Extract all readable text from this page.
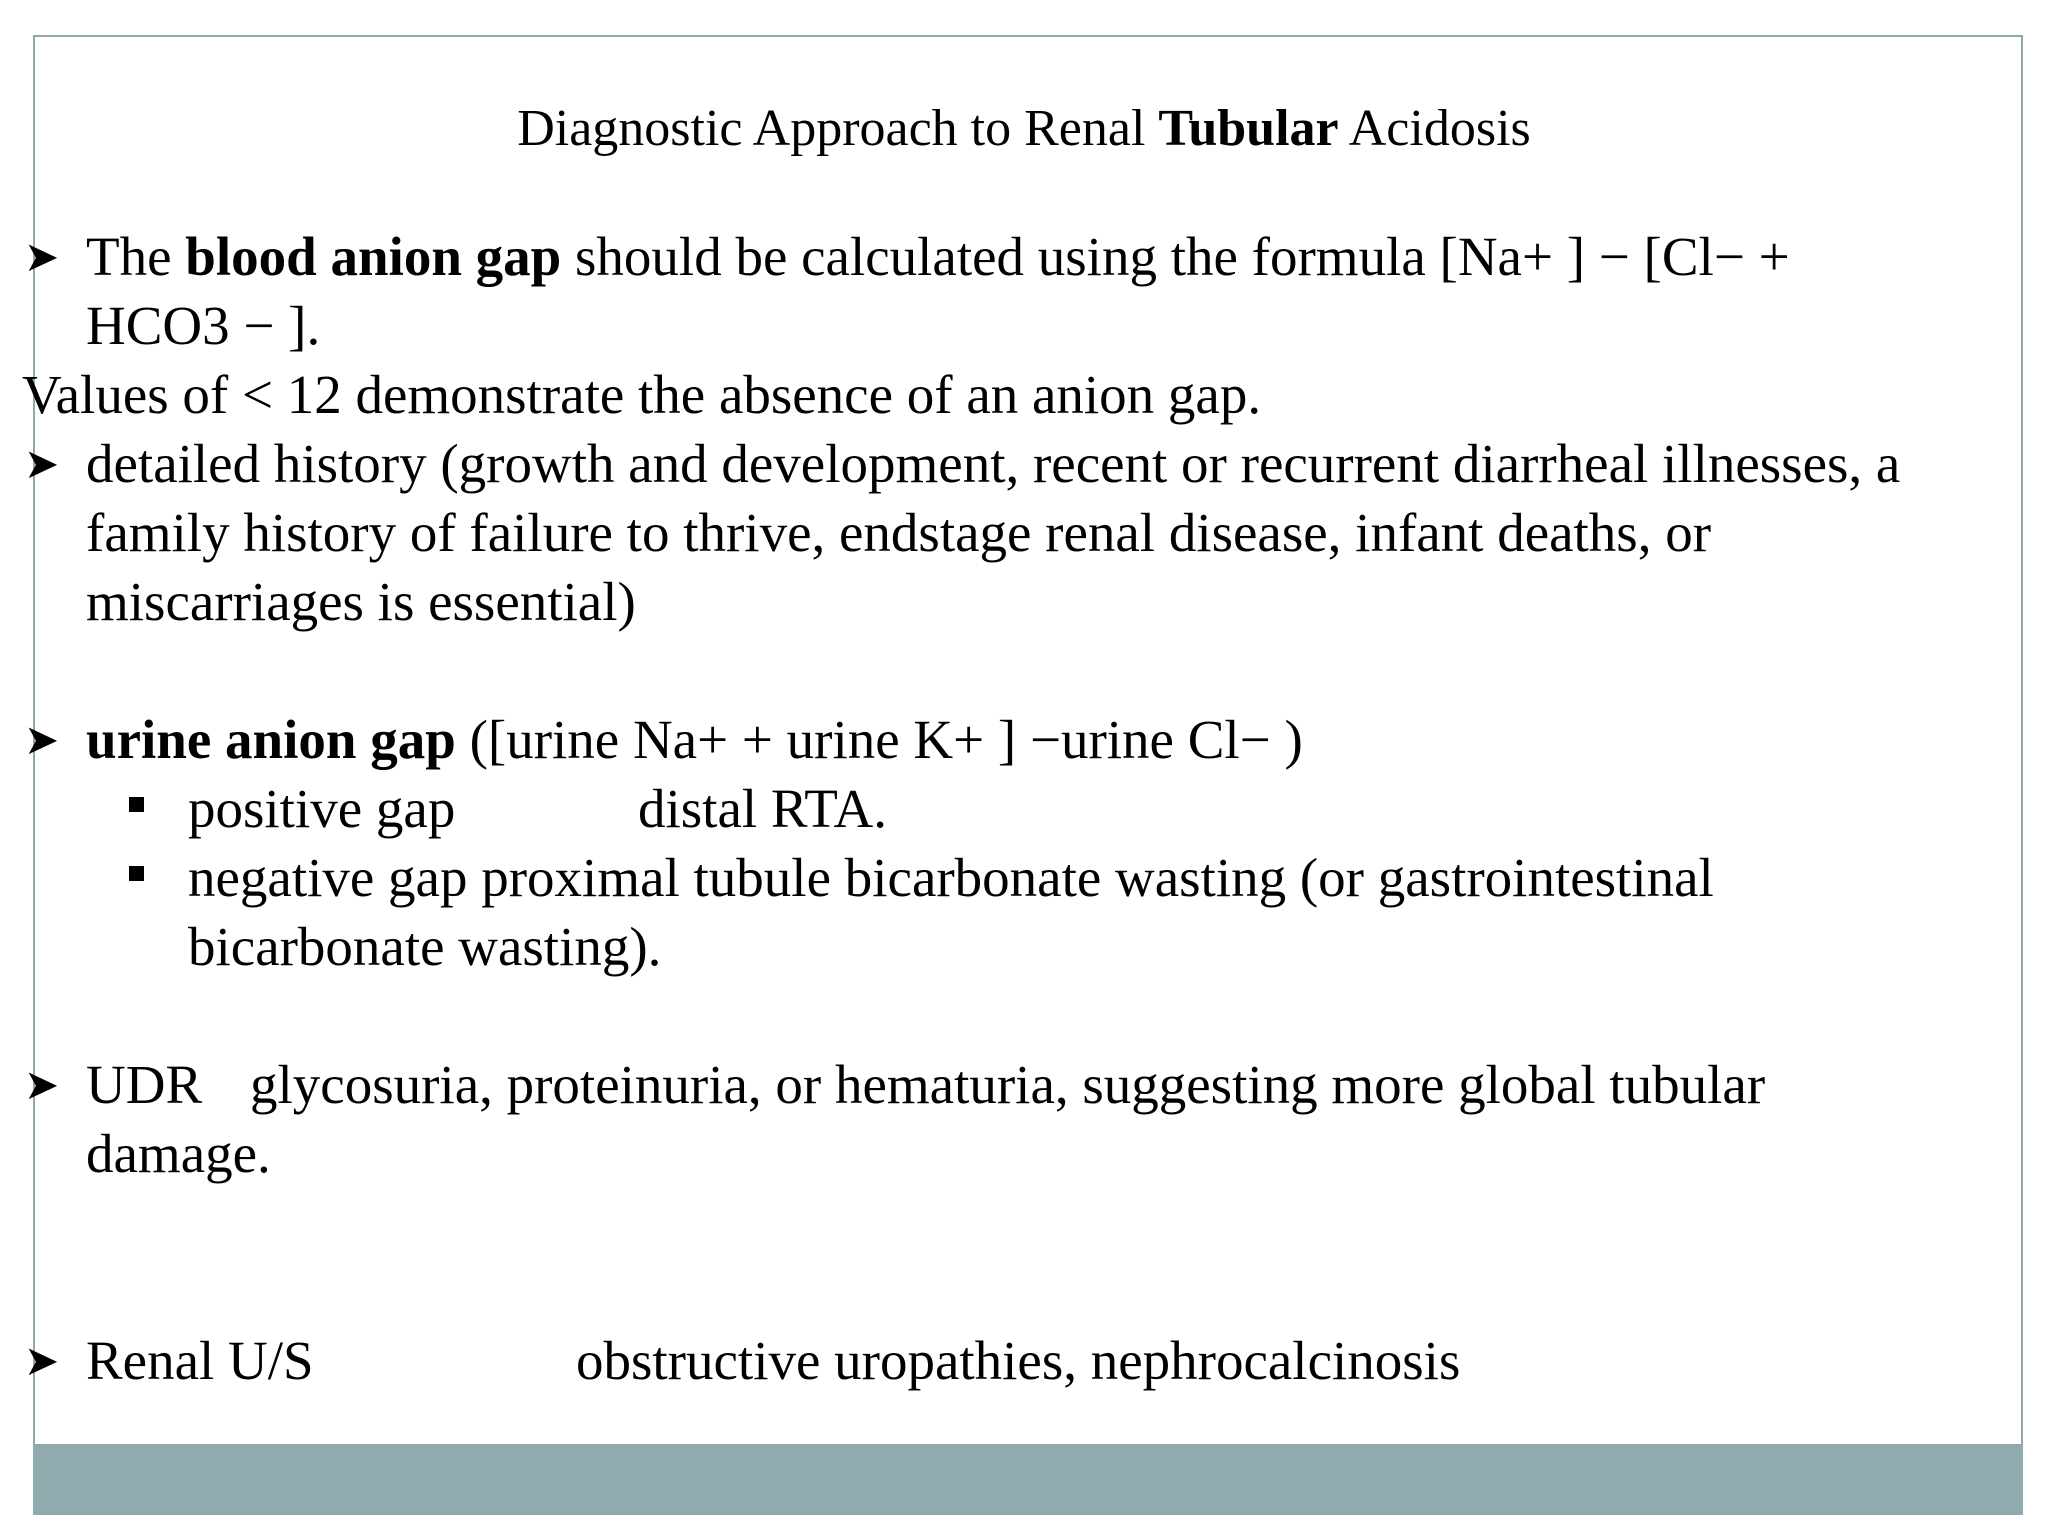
Diagnostic Approach to Renal Tubular Acidosis
➤ The blood anion gap should be calculated using the formula [Na+ ] − [Cl− +
HCO3 − ].
Values of < 12 demonstrate the absence of an anion gap.
➤ detailed history (growth and development, recent or recurrent diarrheal illnesses, a
family history of failure to thrive, endstage renal disease, infant deaths, or
miscarriages is essential)
➤ urine anion gap ([urine Na+ + urine K+ ] −urine Cl− )
positive gap	distal RTA.
negative gap proximal tubule bicarbonate wasting (or gastrointestinal
bicarbonate wasting).
➤ UDR glycosuria, proteinuria, or hematuria, suggesting more global tubular
damage.
➤ Renal U/S	obstructive uropathies, nephrocalcinosis
